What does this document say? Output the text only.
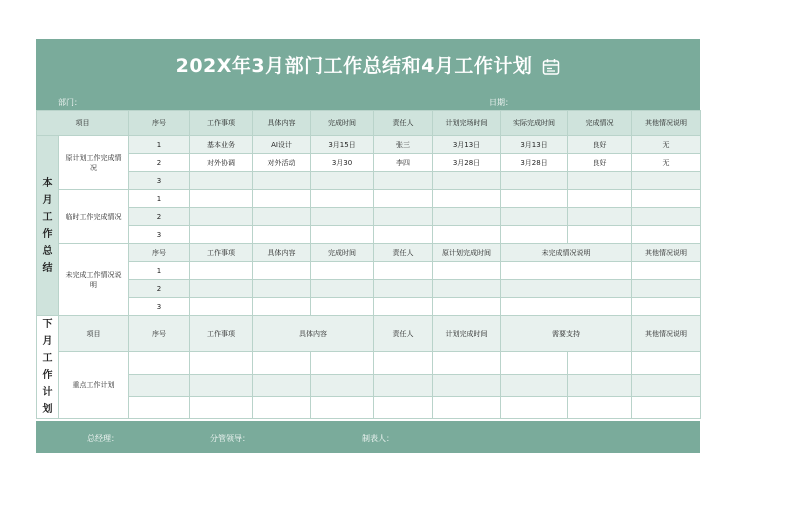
202X年3月部门工作总结和4月工作计划
部门：	日期：
项目		序号	工作事项	具体内容	完成时间	责任人	计划完场时间	实际完成时间	完成情况	其他情况说明
本月工作总结	原计划工作完成情况	1	基本业务	AI设计	3月15日	张三	3月13日	3月13日	良好	无
		2	对外协调	对外活动	3月30	李四	3月28日	3月28日	良好	无
		3								
	临时工作完成情况	1								
		2								
		3								
	未完成工作情况说明	序号	工作事项	具体内容	完成时间	责任人	原计划完成时间	未完成情况说明		其他情况说明
		1								
		2								
		3								
下月工作计划	项目	序号	工作事项	具体内容		责任人	计划完成时间	需要支持		其他情况说明
	重点工作计划									

总经理：	分管领导：	制表人：
